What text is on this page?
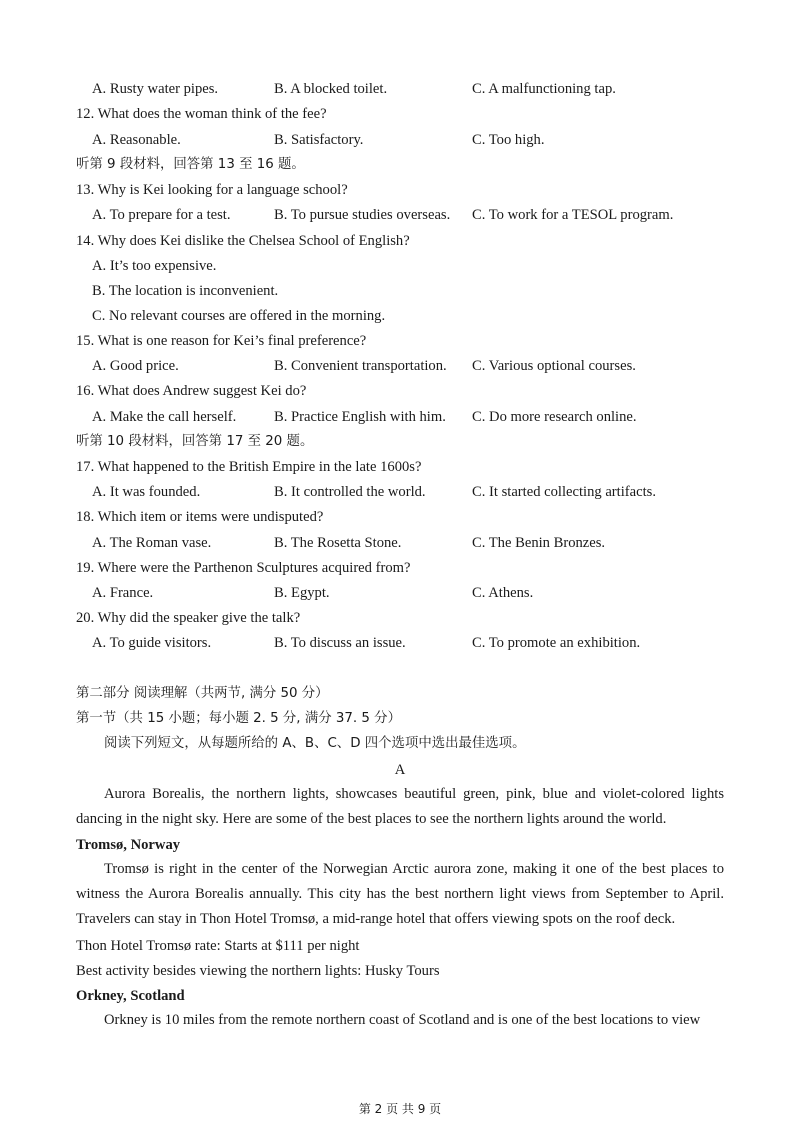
A. Rusty water pipes.	B. A blocked toilet.	C. A malfunctioning tap.
12. What does the woman think of the fee?
A. Reasonable.	B. Satisfactory.	C. Too high.
听第 9 段材料，回答第 13 至 16 题。
13. Why is Kei looking for a language school?
A. To prepare for a test.	B. To pursue studies overseas. C. To work for a TESOL program.
14. Why does Kei dislike the Chelsea School of English?
A. It’s too expensive.
B. The location is inconvenient.
C. No relevant courses are offered in the morning.
15. What is one reason for Kei’s final preference?
A. Good price.	B. Convenient transportation. C. Various optional courses.
16. What does Andrew suggest Kei do?
A. Make the call herself.	B. Practice English with him. C. Do more research online.
听第 10 段材料，回答第 17 至 20 题。
17. What happened to the British Empire in the late 1600s?
A. It was founded.	B. It controlled the world.	C. It started collecting artifacts.
18. Which item or items were undisputed?
A. The Roman vase.	B. The Rosetta Stone.	C. The Benin Bronzes.
19. Where were the Parthenon Sculptures acquired from?
A. France.	B. Egypt.	C. Athens.
20. Why did the speaker give the talk?
A. To guide visitors.	B. To discuss an issue.	C. To promote an exhibition.
第二部分 阅读理解（共两节, 满分 50 分）
第一节（共 15 小题；每小题 2. 5 分, 满分 37. 5 分）
阅读下列短文，从每题所给的 A、B、C、D 四个选项中选出最佳选项。
A
Aurora Borealis, the northern lights, showcases beautiful green, pink, blue and violet-colored lights dancing in the night sky. Here are some of the best places to see the northern lights around the world.
Tromsø, Norway
Tromsø is right in the center of the Norwegian Arctic aurora zone, making it one of the best places to witness the Aurora Borealis annually. This city has the best northern light views from September to April. Travelers can stay in Thon Hotel Tromsø, a mid-range hotel that offers viewing spots on the roof deck.
Thon Hotel Tromsø rate: Starts at $111 per night
Best activity besides viewing the northern lights: Husky Tours
Orkney, Scotland
Orkney is 10 miles from the remote northern coast of Scotland and is one of the best locations to view
第 2 页 共 9 页
